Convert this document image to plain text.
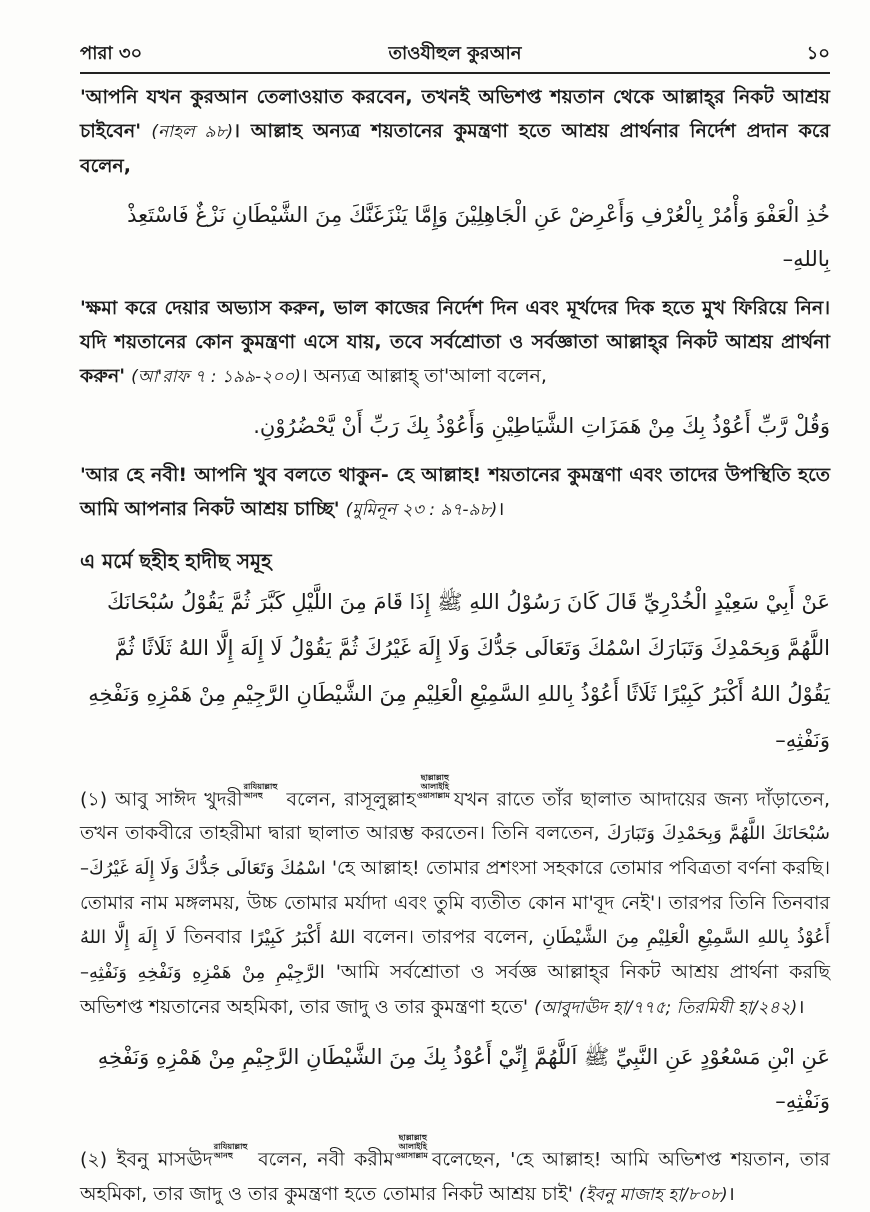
পারা ৩০	তাওযীহুল কুরআন	১০

'আপনি যখন কুরআন তেলাওয়াত করবেন, তখনই অভিশপ্ত শয়তান থেকে আল্লাহ্‌র নিকট আশ্রয় চাইবেন' (নাহল ৯৮)। আল্লাহ অন্যত্র শয়তানের কুমন্ত্রণা হতে আশ্রয় প্রার্থনার নির্দেশ প্রদান করে বলেন,

خُذِ الْعَفْوَ وَأْمُرْ بِالْعُرْفِ وَأَعْرِضْ عَنِ الْجَاهِلِيْنَ وَإِمَّا يَنْزَغَنَّكَ مِنَ الشَّيْطَانِ نَزْغٌ فَاسْتَعِذْ بِاللهِ–

'ক্ষমা করে দেয়ার অভ্যাস করুন, ভাল কাজের নির্দেশ দিন এবং মূর্খদের দিক হতে মুখ ফিরিয়ে নিন। যদি শয়তানের কোন কুমন্ত্রণা এসে যায়, তবে সর্বশ্রোতা ও সর্বজ্ঞাতা আল্লাহ্‌র নিকট আশ্রয় প্রার্থনা করুন' (আ'রাফ ৭ : ১৯৯-২০০)। অন্যত্র আল্লাহ্ তা'আলা বলেন,

وَقُلْ رَّبِّ أَعُوْذُ بِكَ مِنْ هَمَزَاتِ الشَّيَاطِيْنِ وَأَعُوْذُ بِكَ رَبِّ أَنْ يَّحْضُرُوْنِ.

'আর হে নবী! আপনি খুব বলতে থাকুন- হে আল্লাহ! শয়তানের কুমন্ত্রণা এবং তাদের উপস্থিতি হতে আমি আপনার নিকট আশ্রয় চাচ্ছি' (মুমিনূন ২৩ : ৯৭-৯৮)।

এ মর্মে ছহীহ হাদীছ সমূহ

عَنْ أَبِيْ سَعِيْدٍ الْخُدْرِيِّ قَالَ كَانَ رَسُوْلُ اللهِ ﷺ إِذَا قَامَ مِنَ اللَّيْلِ كَبَّرَ ثُمَّ يَقُوْلُ سُبْحَانَكَ اللَّهُمَّ وَبِحَمْدِكَ وَتَبَارَكَ اسْمُكَ وَتَعَالَى جَدُّكَ وَلَا إِلَهَ غَيْرُكَ ثُمَّ يَقُوْلُ لَا إِلَهَ إِلَّا اللهُ ثَلَاثًا ثُمَّ يَقُوْلُ اللهُ أَكْبَرُ كَبِيْرًا ثَلَاثًا أَعُوْذُ بِاللهِ السَّمِيْعِ الْعَلِيْمِ مِنَ الشَّيْطَانِ الرَّجِيْمِ مِنْ هَمْزِهِ وَنَفْخِهِ وَنَفْثِهِ–

(১) আবু সাঈদ খুদরীরাযিয়াল্লাহু আনহু বলেন, রাসূলুল্লাহছাল্লাল্লাহু আলাইহি ওয়াসাল্লাম যখন রাতে তাঁর ছালাত আদায়ের জন্য দাঁড়াতেন, তখন তাকবীরে তাহরীমা দ্বারা ছালাত আরম্ভ করতেন। তিনি বলতেন, سُبْحَانَكَ اللَّهُمَّ وَبِحَمْدِكَ وَتَبَارَكَ اسْمُكَ وَتَعَالَى جَدُّكَ وَلَا إِلَهَ غَيْرُكَ– 'হে আল্লাহ! তোমার প্রশংসা সহকারে তোমার পবিত্রতা বর্ণনা করছি। তোমার নাম মঙ্গলময়, উচ্চ তোমার মর্যাদা এবং তুমি ব্যতীত কোন মা'বূদ নেই'। তারপর তিনি তিনবার لَا إِلَهَ إِلَّا اللهُ তিনবার اللهُ أَكْبَرُ كَبِيْرًا বলেন। তারপর বলেন, أَعُوْذُ بِاللهِ السَّمِيْعِ الْعَلِيْمِ مِنَ الشَّيْطَانِ الرَّجِيْمِ مِنْ هَمْزِهِ وَنَفْخِهِ وَنَفْثِهِ– 'আমি সর্বশ্রোতা ও সর্বজ্ঞ আল্লাহ্‌র নিকট আশ্রয় প্রার্থনা করছি অভিশপ্ত শয়তানের অহমিকা, তার জাদু ও তার কুমন্ত্রণা হতে' (আবুদাঊদ হা/৭৭৫; তিরমিযী হা/২৪২)।

عَنِ ابْنِ مَسْعُوْدٍ عَنِ النَّبِيِّ ﷺ اَللَّهُمَّ إِنِّيْ أَعُوْذُ بِكَ مِنَ الشَّيْطَانِ الرَّجِيْمِ مِنْ هَمْزِهِ وَنَفْخِهِ وَنَفْثِهِ–

(২) ইবনু মাসঊদরাযিয়াল্লাহু আনহু বলেন, নবী করীমছাল্লাল্লাহু আলাইহি ওয়াসাল্লাম বলেছেন, 'হে আল্লাহ! আমি অভিশপ্ত শয়তান, তার অহমিকা, তার জাদু ও তার কুমন্ত্রণা হতে তোমার নিকট আশ্রয় চাই' (ইবনু মাজাহ হা/৮০৮)।
